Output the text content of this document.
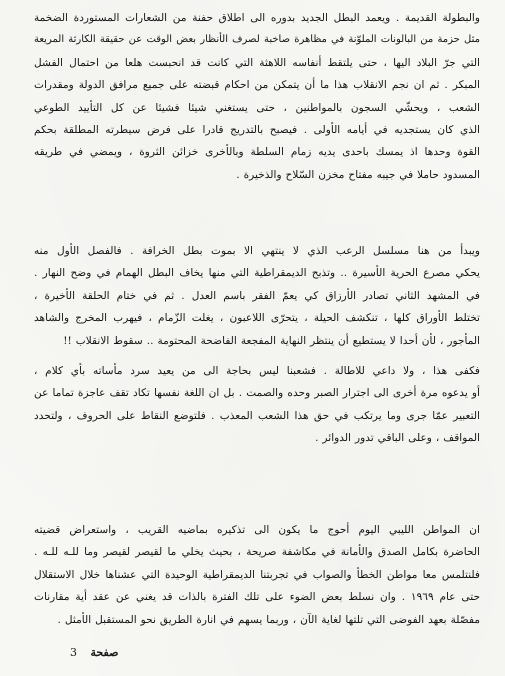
والبطولة القديمة . ويعمد البطل الجديد بدوره الى اطلاق حفنة من الشعارات المستوردة الضخمة
مثل حزمة من البالونات الملوّنة في مظاهرة صاخبة لصرف الأنظار بعض الوقت عن حقيقة الكارثة المريعة
التي جرّ البلاد اليها ، حتى يلتقط أنفاسه اللاهثة التي كانت قد انحبست هلعا من احتمال الفشل
المبكر . ثم ان نجم الانقلاب هذا ما أن يتمكن من احكام قبضته على جميع مرافق الدولة ومقدرات
الشعب ، ويحشّي السجون بالمواطنين ، حتى يستغني شيئا فشيئا عن كل التأييد الطوعي
الذي كان يستجديه في أيامه الأولى . فيصبح بالتدريج قادرا على فرض سيطرته المطلقة بحكم
القوة وحدها اذ يمسك باحدى يديه زمام السلطة وبالأخرى خزائن الثروة ، ويمضي في طريقه
المسدود حاملا في جيبه مفتاح مخزن السّلاح والذخيرة .
ويبدأ من هنا مسلسل الرعب الذي لا ينتهي الا بموت بطل الخرافة . فالفصل الأول منه
يحكي مصرع الحرية الأسيرة .. وتذبح الديمقراطية التي منها يخاف البطل الهمام في وضح النهار .
في المشهد الثاني تصادر الأرزاق كي يعمّ الفقر باسم العدل . ثم في ختام الحلقة الأخيرة ،
تختلط الأوراق كلها ، تنكشف الحيلة ، يتحرّى اللاعبون ، يغلت الزّمام ، فيهرب المخرج والشاهد
المأجور ، لأن أحدا لا يستطيع أن ينتظر النهاية المفجعة الفاضحة المحتومة .. سقوط الانقلاب !!
فكفى هذا ، ولا داعي للاطالة . فشعبنا ليس بحاجة الى من يعيد سرد مأساته بأي كلام ،
أو يدعوه مرة أخرى الى اجترار الصبر وحده والصمت . بل ان اللغة نفسها تكاد تقف عاجزة تماما عن
التعبير عمّا جرى وما يرتكب في حق هذا الشعب المعذب . فلتوضع النقاط على الحروف ، ولتحدد
المواقف ، وعلى الباقي تدور الدوائر .
ان المواطن الليبي اليوم أحوج ما يكون الى تذكيره بماضيه القريب ، واستعراض قضيته
الحاضرة بكامل الصدق والأمانة في مكاشفة صريحة ، بحيث يخلي ما لقيصر لقيصر وما للـه للـه .
فلنتلمس معا مواطن الخطأ والصواب في تجربتنا الديمقراطية الوحيدة التي عشناها خلال الاستقلال
حتى عام ١٩٦٩ . وان نسلط بعض الضوء على تلك الفترة بالذات قد يغني عن عقد أية مقارنات
مفصّلة بعهد الفوضى التي تلتها لغاية الآن ، وربما يسهم في انارة الطريق نحو المستقبل الأمثل .
صفحة 3
